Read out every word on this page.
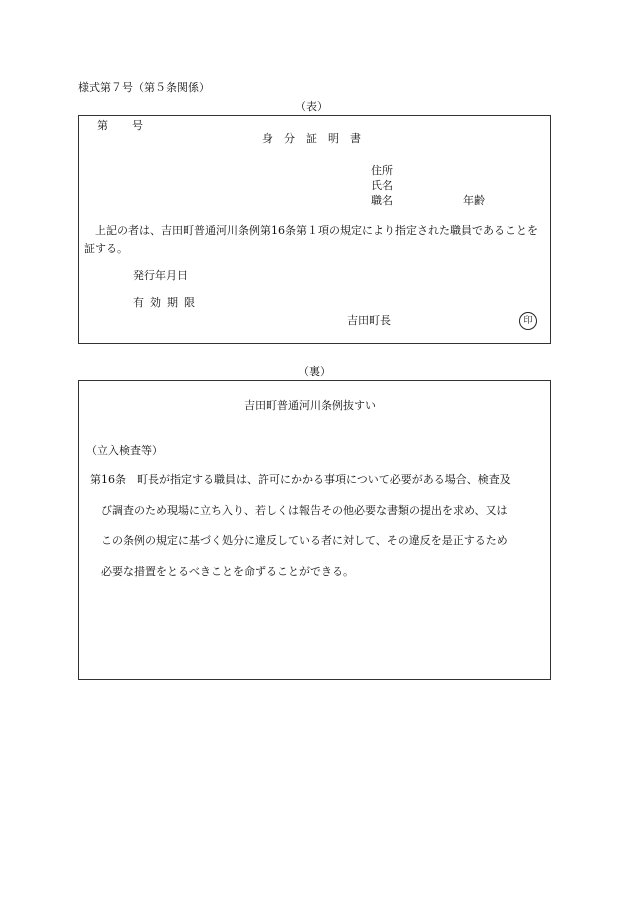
様式第７号（第５条関係）
（表）
第 号
身分証明書
住所
氏名
職名	年齢
上記の者は、吉田町普通河川条例第16条第１項の規定により指定された職員であることを証する。
発行年月日
有効期限
吉田町長	印
（裏）
吉田町普通河川条例抜すい
（立入検査等）
第16条　町長が指定する職員は、許可にかかる事項について必要がある場合、検査及
び調査のため現場に立ち入り、若しくは報告その他必要な書類の提出を求め、又は
この条例の規定に基づく処分に違反している者に対して、その違反を是正するため
必要な措置をとるべきことを命ずることができる。
